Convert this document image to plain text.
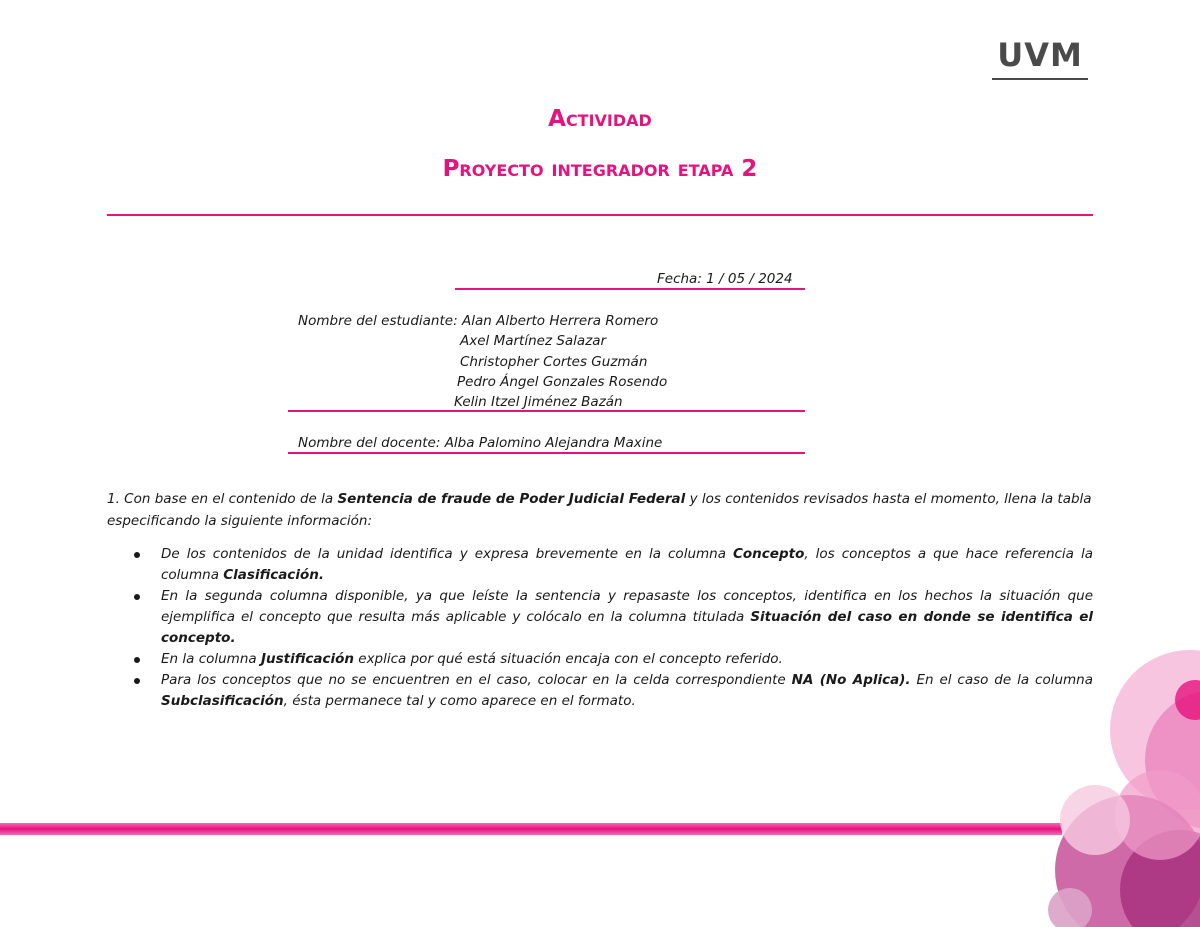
UVM
Actividad
Proyecto integrador etapa 2
Fecha: 1 / 05 / 2024
Nombre del estudiante: Alan Alberto Herrera Romero
Axel Martínez Salazar
Christopher Cortes Guzmán
Pedro Ángel Gonzales Rosendo
Kelin Itzel Jiménez Bazán
Nombre del docente: Alba Palomino Alejandra Maxine
1. Con base en el contenido de la Sentencia de fraude de Poder Judicial Federal y los contenidos revisados hasta el momento, llena la tabla especificando la siguiente información:
De los contenidos de la unidad identifica y expresa brevemente en la columna Concepto, los conceptos a que hace referencia la columna Clasificación.
En la segunda columna disponible, ya que leíste la sentencia y repasaste los conceptos, identifica en los hechos la situación que ejemplifica el concepto que resulta más aplicable y colócalo en la columna titulada Situación del caso en donde se identifica el concepto.
En la columna Justificación explica por qué está situación encaja con el concepto referido.
Para los conceptos que no se encuentren en el caso, colocar en la celda correspondiente NA (No Aplica). En el caso de la columna Subclasificación, ésta permanece tal y como aparece en el formato.
